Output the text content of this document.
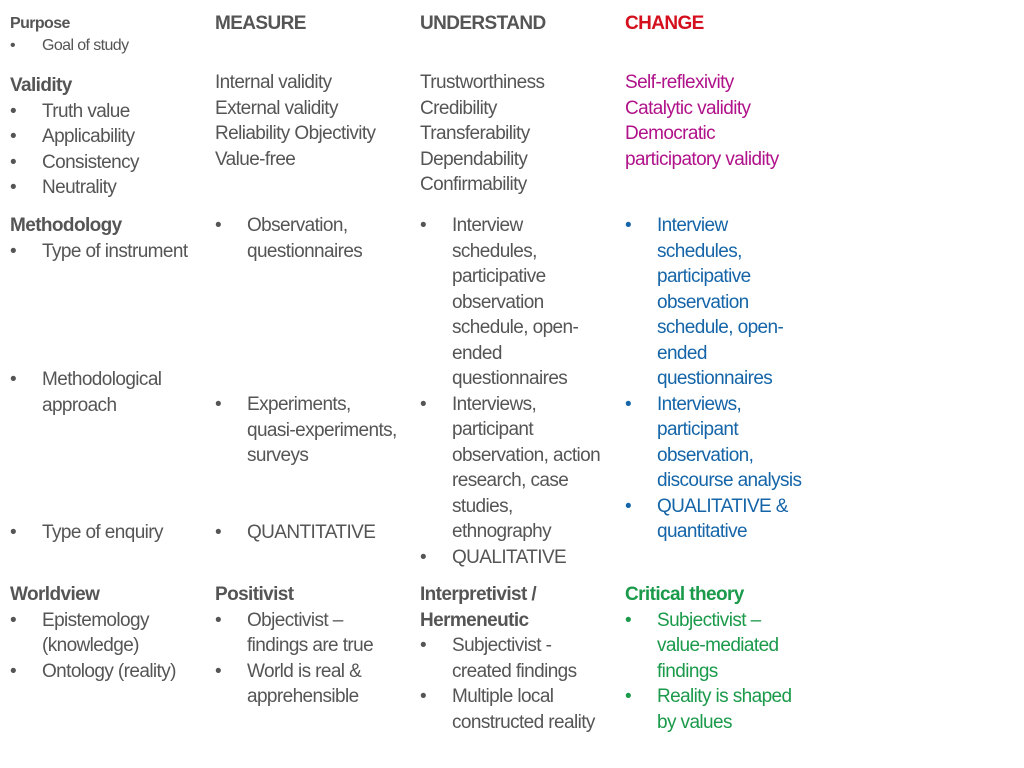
Purpose
• Goal of study
Validity
• Truth value
• Applicability
• Consistency
• Neutrality
Methodology
• Type of instrument
• Methodological approach
• Type of enquiry
Worldview
• Epistemology (knowledge)
• Ontology (reality)
MEASURE
Internal validity
External validity
Reliability Objectivity
Value-free
• Observation, questionnaires
• Experiments, quasi-experiments, surveys
• QUANTITATIVE
Positivist
• Objectivist – findings are true
• World is real & apprehensible
UNDERSTAND
Trustworthiness
Credibility
Transferability
Dependability
Confirmability
• Interview schedules, participative observation schedule, open-ended questionnaires
• Interviews, participant observation, action research, case studies, ethnography
• QUALITATIVE
Interpretivist / Hermeneutic
• Subjectivist - created findings
• Multiple local constructed reality
CHANGE
Self-reflexivity
Catalytic validity
Democratic
participatory validity
• Interview schedules, participative observation schedule, open-ended questionnaires
• Interviews, participant observation, discourse analysis
• QUALITATIVE & quantitative
Critical theory
• Subjectivist – value-mediated findings
• Reality is shaped by values
